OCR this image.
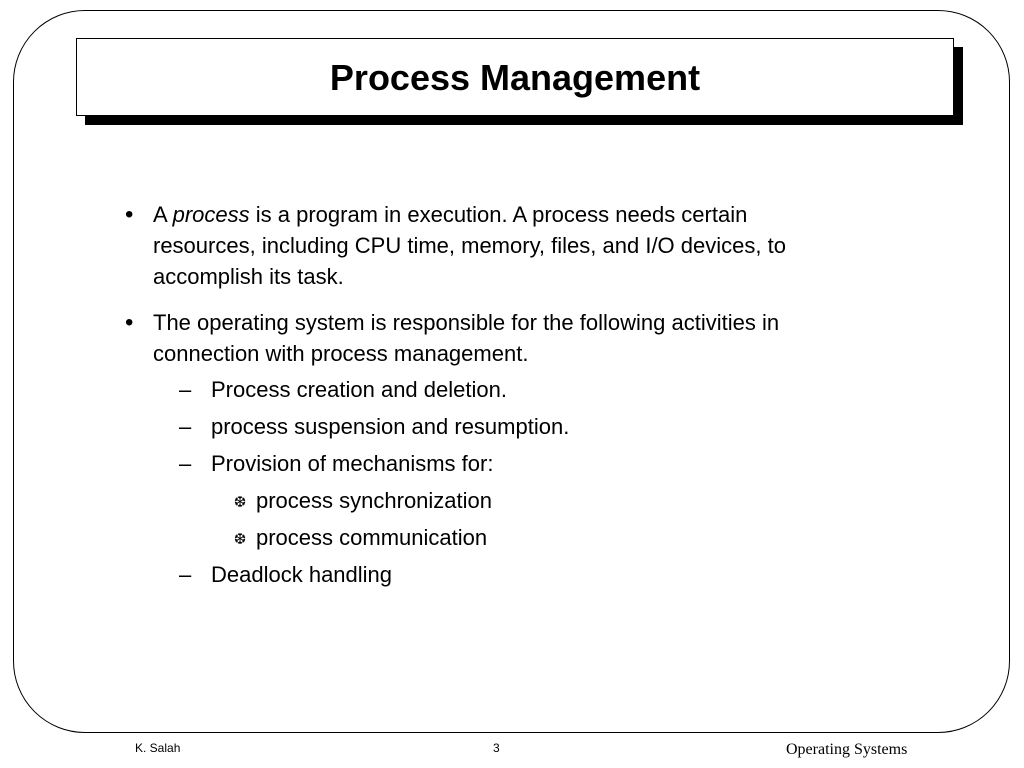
Process Management
• A process is a program in execution. A process needs certain
resources, including CPU time, memory, files, and I/O devices, to
accomplish its task.
• The operating system is responsible for the following activities in
connection with process management.
– Process creation and deletion.
– process suspension and resumption.
– Provision of mechanisms for:
❆ process synchronization
❆ process communication
– Deadlock handling
K. Salah	3	Operating Systems
